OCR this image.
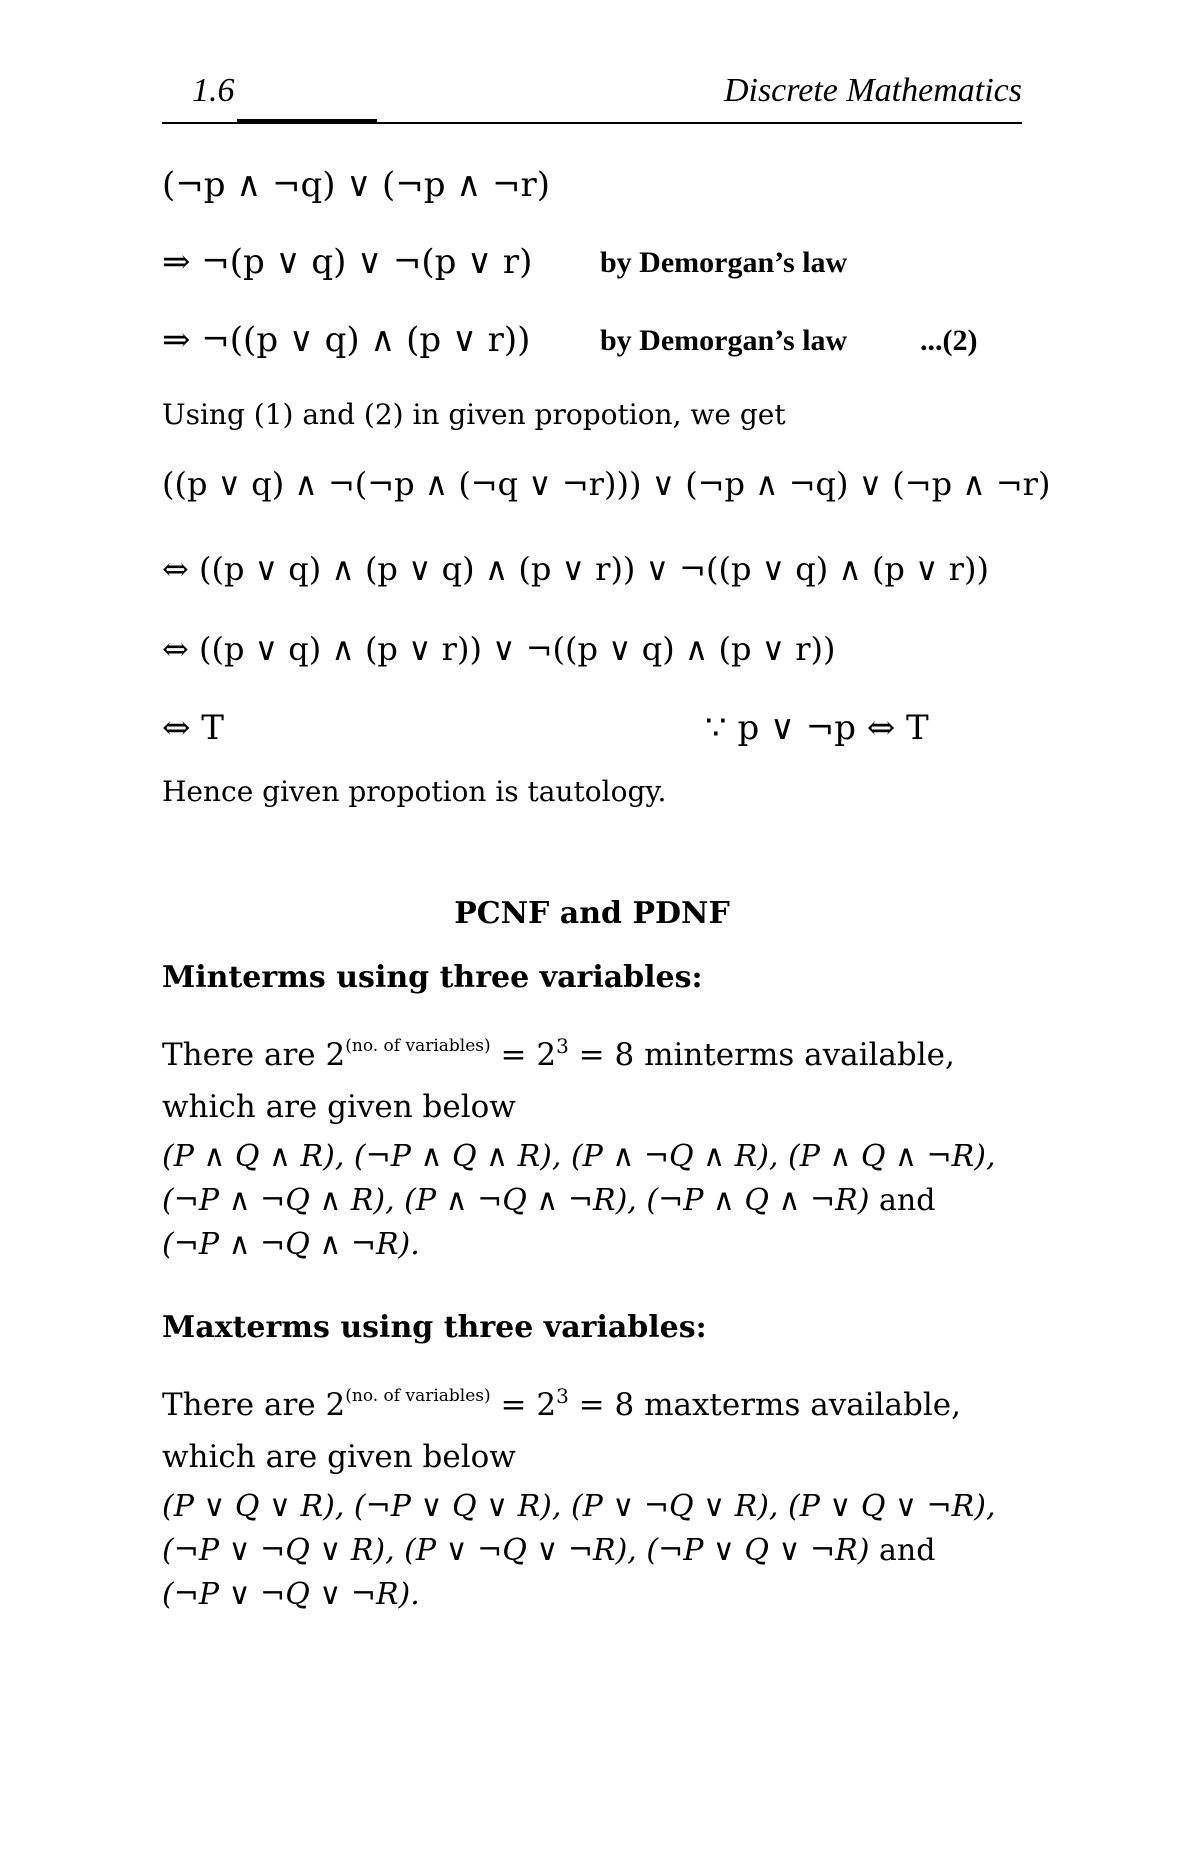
1.6	Discrete Mathematics
(¬p ∧ ¬q) ∨ (¬p ∧ ¬r)
⇒ ¬(p ∨ q) ∨ ¬(p ∨ r) by Demorgan’s law
⇒ ¬((p ∨ q) ∧ (p ∨ r)) by Demorgan’s law ...(2)
Using (1) and (2) in given propotion, we get
((p ∨ q) ∧ ¬(¬p ∧ (¬q ∨ ¬r))) ∨ (¬p ∧ ¬q) ∨ (¬p ∧ ¬r)
⇔ ((p ∨ q) ∧ (p ∨ q) ∧ (p ∨ r)) ∨ ¬((p ∨ q) ∧ (p ∨ r))
⇔ ((p ∨ q) ∧ (p ∨ r)) ∨ ¬((p ∨ q) ∧ (p ∨ r))
⇔ T	∵ p ∨ ¬p ⇔ T
Hence given propotion is tautology.
PCNF and PDNF
Minterms using three variables:
There are $2^{(no. of variables)} = 2^3 = 8$ minterms available, which are given below
(P ∧ Q ∧ R), (¬P ∧ Q ∧ R), (P ∧ ¬Q ∧ R), (P ∧ Q ∧ ¬R),
(¬P ∧ ¬Q ∧ R), (P ∧ ¬Q ∧ ¬R), (¬P ∧ Q ∧ ¬R) and
(¬P ∧ ¬Q ∧ ¬R).
Maxterms using three variables:
There are $2^{(no. of variables)} = 2^3 = 8$ maxterms available, which are given below
(P ∨ Q ∨ R), (¬P ∨ Q ∨ R), (P ∨ ¬Q ∨ R), (P ∨ Q ∨ ¬R),
(¬P ∨ ¬Q ∨ R), (P ∨ ¬Q ∨ ¬R), (¬P ∨ Q ∨ ¬R) and
(¬P ∨ ¬Q ∨ ¬R).
